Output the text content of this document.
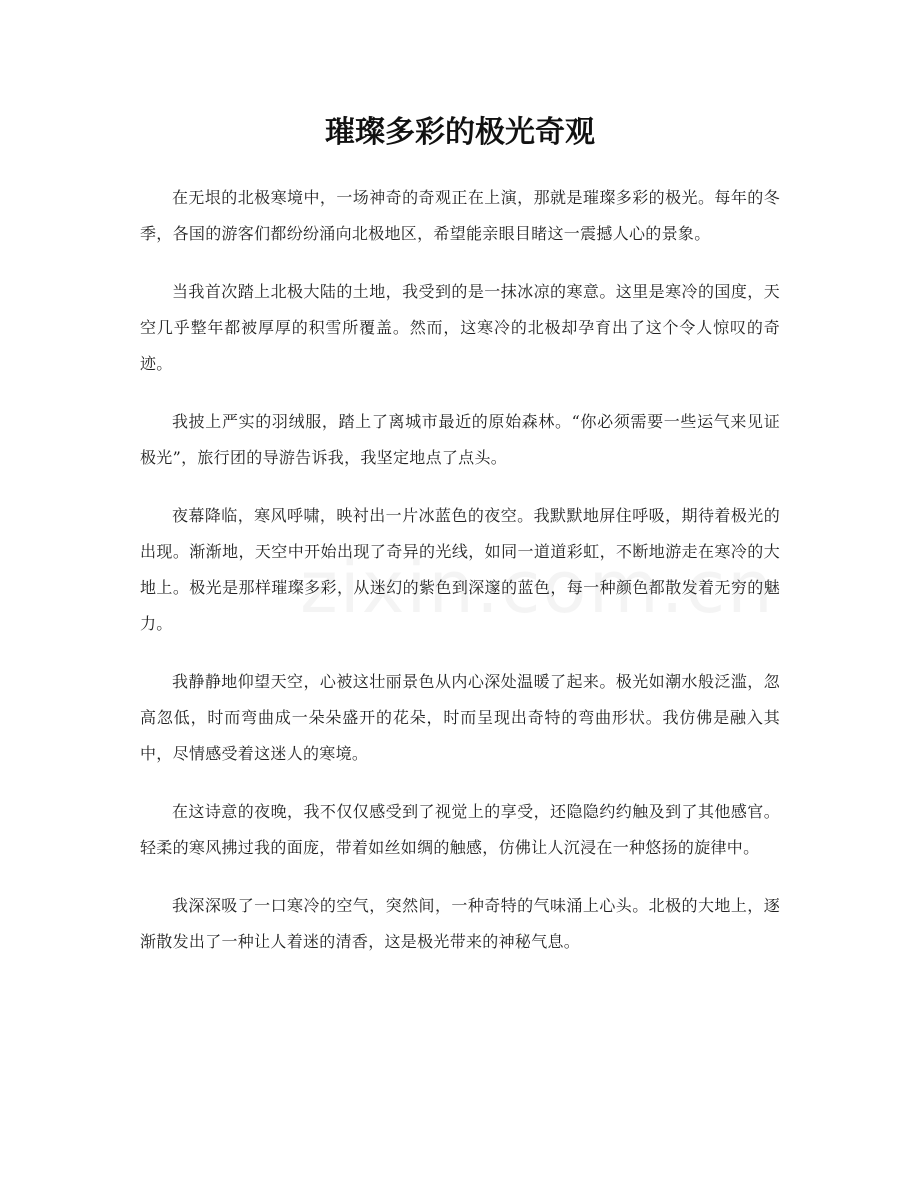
璀璨多彩的极光奇观

在无垠的北极寒境中，一场神奇的奇观正在上演，那就是璀璨多彩的极光。每年的冬季，各国的游客们都纷纷涌向北极地区，希望能亲眼目睹这一震撼人心的景象。

当我首次踏上北极大陆的土地，我受到的是一抹冰凉的寒意。这里是寒冷的国度，天空几乎整年都被厚厚的积雪所覆盖。然而，这寒冷的北极却孕育出了这个令人惊叹的奇迹。

我披上严实的羽绒服，踏上了离城市最近的原始森林。“你必须需要一些运气来见证极光”，旅行团的导游告诉我，我坚定地点了点头。

夜幕降临，寒风呼啸，映衬出一片冰蓝色的夜空。我默默地屏住呼吸，期待着极光的出现。渐渐地，天空中开始出现了奇异的光线，如同一道道彩虹，不断地游走在寒冷的大地上。极光是那样璀璨多彩，从迷幻的紫色到深邃的蓝色，每一种颜色都散发着无穷的魅力。

我静静地仰望天空，心被这壮丽景色从内心深处温暖了起来。极光如潮水般泛滥，忽高忽低，时而弯曲成一朵朵盛开的花朵，时而呈现出奇特的弯曲形状。我仿佛是融入其中，尽情感受着这迷人的寒境。

在这诗意的夜晚，我不仅仅感受到了视觉上的享受，还隐隐约约触及到了其他感官。轻柔的寒风拂过我的面庞，带着如丝如绸的触感，仿佛让人沉浸在一种悠扬的旋律中。

我深深吸了一口寒冷的空气，突然间，一种奇特的气味涌上心头。北极的大地上，逐渐散发出了一种让人着迷的清香，这是极光带来的神秘气息。
